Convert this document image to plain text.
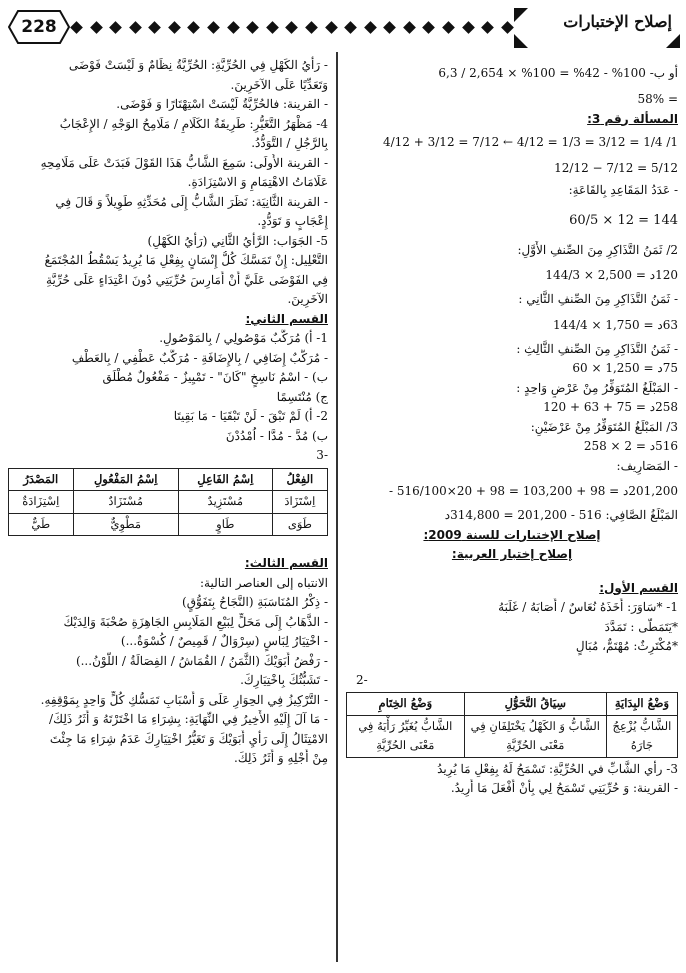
228	إصلاح الإختبارات
أو ب- 100% - 42% = 100% × 2,654 / 6,3
= 58%
المسألة رقم 3:
1/ 1/4 = 3/12 = 1/3 = 4/12 ← 7/12 = 3/12 + 4/12
5/12 = 7/12 − 12/12
- عَدَدُ المَقَاعِدِ بِالقَاعَةِ:
144 = 12 × 60/5
2/ ثَمَنُ التَّذَاكِرِ مِنَ الصِّنفِ الأَوَّلِ:
120د = 2,500 × 144/3
- ثَمَنُ التَّذَاكِرِ مِنَ الصِّنفِ الثَّانِي :
63د = 1,750 × 144/4
- ثَمَنُ التَّذَاكِرِ مِنَ الصِّنفِ الثَّالِثِ :
75د = 1,250 × 60
- المَبْلَغُ المُتَوَفِّرُ مِنْ عَرْضٍ وَاحِدٍ :
258د = 75 + 63 + 120
3/ المَبْلَغُ المُتَوَفِّرُ مِنْ عَرْضَيْنِ:
516د = 2 × 258
- المَصَارِيف:
201,200د = 98 + 103,200 = 98 + 20×516/100 -
المَبْلَغُ الصَّافِي: 516 - 201,200 = 314,800د
إصلاح الإختبارات للسنة 2009:
إصلاح إختبار العربية:
القسم الأول:
1- *سَاوَرَ: أَخَذَهُ نُعَاسٌ / أَصَابَهُ / غَلَبَهُ
*يَتَمَطَّى : تَمَدَّدَ
*مُكْتَرِثٌ: مُهْتَمٌّ، مُبَالٍ
-2
وَضْعُ البِدَايَةِ	سِيَاقُ التَّحَوُّلِ	وَضْعُ الخِتَامِ
الشَّابُّ يُزْعِجُ جَارَهُ	الشَّابُّ وَ الكَهْلُ يَخْتَلِفَانِ فِي مَعْنَى الحُرِّيَّةِ	الشَّابُّ يُغَيِّرُ رَأْيَهُ فِي مَعْنَى الحُرِّيَّةِ
3- رأي الشَّابِّ في الحُرِّيَّةِ: تَسْمَحُ لَهُ بِفِعْلِ مَا يُرِيدُ
- القرينة: وَ حُرِّيَتِي تَسْمَحُ لِي بِأَنْ أَفْعَلَ مَا أُرِيدُ.
- رَأْيُ الكَهْلِ فِي الحُرِّيَّةِ: الحُرِّيَّةُ نِظَامٌ وَ لَيْسَتْ فَوْضَى
وَتَعَدِّيًا عَلَى الآخَرِينَ.
- القرينة: فالحُرِّيَّةُ لَيْسَتْ اسْتِهْتَارًا وَ فَوْضَى.
4- مَظْهَرُ التَّغَيُّرِ: طَرِيقَةُ الكَلَامِ / مَلَامِحُ الوَجْهِ / الإِعْجَابُ
بِالرَّجُلِ / التَّوَدُّدُ.
- القرينة الأُولَى: سَمِعَ الشَّابُّ هَذَا القَوْلَ فَبَدَتْ عَلَى مَلَامِحِهِ
عَلَامَاتُ الاهْتِمَامِ وَ الاسْتِزَادَةِ.
- القرينة الثَّانِيَة: نَظَرَ الشَّابُّ إِلَى مُحَدِّثِهِ طَوِيلاً وَ قَالَ فِي
إِعْجَابٍ وَ تَوَدُّدٍ.
5- الجَوَاب: الرَّأْيُ الثَّانِي (رَأْيُ الكَهْلِ)
التَّعْلِيل: إِنْ تَمَسَّكَ كُلُّ إِنْسَانٍ بِفِعْلِ مَا يُرِيدُ يَسْقُطُ المُجْتَمَعُ
فِي الفَوْضَى عَلَيَّ أَنْ أُمَارِسَ حُرِّيَتِي دُونَ اعْتِدَاءٍ عَلَى حُرِّيَّةِ
الآخَرِينَ.
القسم الثاني:
1- أ) مُرَكَّبٌ مَوْصُولِي / بِالمَوْصُولِ.
- مُرَكَّبٌ إِضَافِي / بِالإِضَافَةِ - مُرَكَّبٌ عَطْفِي / بِالعَطْفِ
ب) - اسْمُ نَاسِخٍ "كَانَ" - تَمْيِيزٌ - مَفْعُولٌ مُطْلَق
ج) مُنْتَسِمًا
2- أ) لَمْ تَبْقَ - لَنْ تَبْقَيَا - مَا بَقِيتَا
ب) مُدَّ - مُدَّا - اُمْدُدْنَ
-3
الفِعْلُ	اِسْمُ الفَاعِلِ	اِسْمُ المَفْعُولِ	المَصْدَرُ
اِسْتَزَادَ	مُسْتَزِيدٌ	مُسْتَزَادٌ	اِسْتِزَادَةٌ
طَوَى	طَاوٍ	مَطْوِيٌّ	طَيٌّ
القسم الثالث:
الانتباه إلى العناصر التالية:
- ذِكْرُ المُنَاسَبَةِ (النَّجَاحُ بِتَفَوُّقٍ)
- الذَّهَابُ إِلَى مَحَلٍّ لِبَيْعِ المَلَابِسِ الجَاهِزَةِ صُحْبَةَ وَالِدَيْكَ
- اخْتِيَارُ لِبَاسٍ (سِرْوَالٌ / قَمِيصٌ / كُسْوَةٌ...)
- رَفْضُ أَبَوَيْكَ (الثَّمَنُ / القُمَاشُ / الفِصَالَةُ / اللَّوْنُ...)
- تَشَبُّثُكَ بِاخْتِيَارِكَ.
- التَّرْكِيزُ فِي الحِوَارِ عَلَى وَ أَسْبَابِ تَمَسُّكِ كُلٍّ وَاحِدٍ بِمَوْقِفِهِ.
- مَا آلَ إِلَيْهِ الأَخِيرُ فِي النِّهَايَةِ: بِشِرَاءِ مَا اخْتَرْتَهُ وَ أَثَرُ ذَلِكَ/
الامْتِثَالُ إِلَى رَأْيِ أَبَوَيْكَ وَ تَغَيُّرُ اخْتِيَارِكَ عَدَمُ شِرَاءِ مَا جِئْتَ
مِنْ أَجْلِهِ وَ أَثَرُ ذَلِكَ.
